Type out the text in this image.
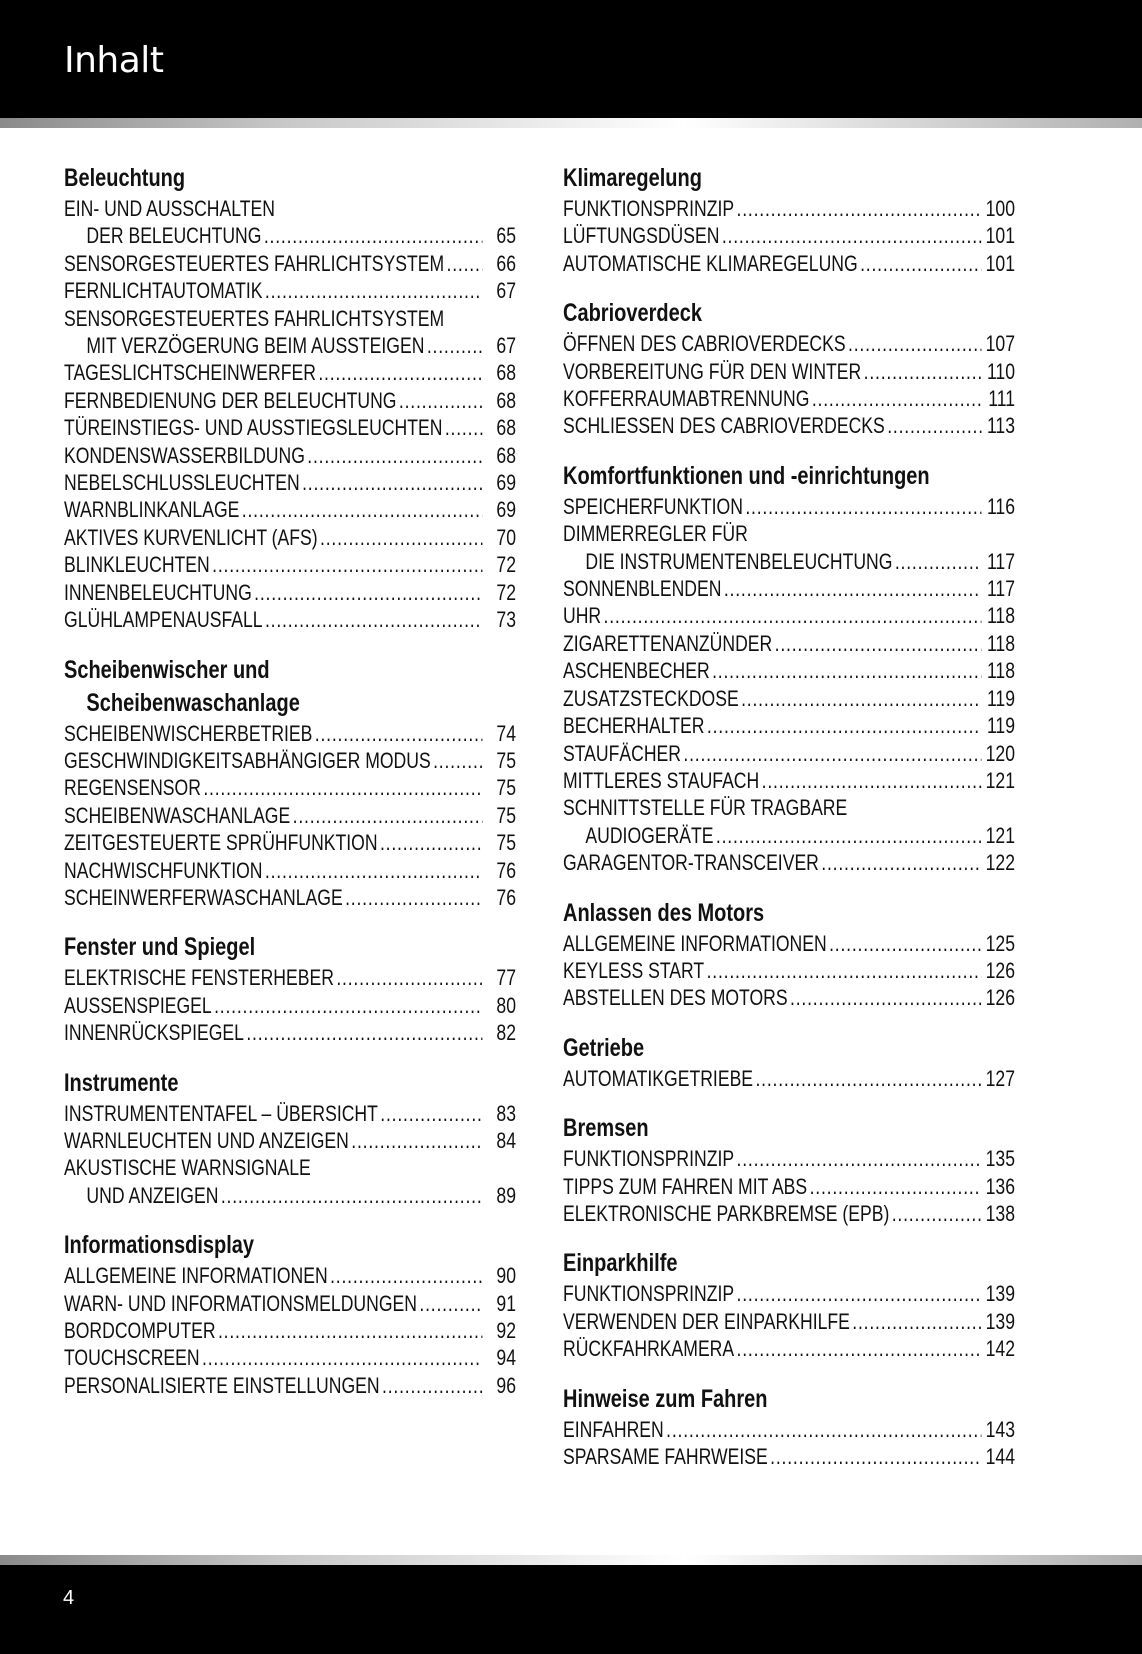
Inhalt
Beleuchtung
EIN- UND AUSSCHALTEN
DER BELEUCHTUNG .....	65
SENSORGESTEUERTES FAHRLICHTSYSTEM .....	66
FERNLICHTAUTOMATIK .....	67
SENSORGESTEUERTES FAHRLICHTSYSTEM
MIT VERZÖGERUNG BEIM AUSSTEIGEN .....	67
TAGESLICHTSCHEINWERFER .....	68
FERNBEDIENUNG DER BELEUCHTUNG .....	68
TÜREINSTIEGS- UND AUSSTIEGSLEUCHTEN .....	68
KONDENSWASSERBILDUNG .....	68
NEBELSCHLUSSLEUCHTEN .....	69
WARNBLINKANLAGE .....	69
AKTIVES KURVENLICHT (AFS) .....	70
BLINKLEUCHTEN .....	72
INNENBELEUCHTUNG .....	72
GLÜHLAMPENAUSFALL .....	73
Scheibenwischer und
Scheibenwaschanlage
SCHEIBENWISCHERBETRIEB .....	74
GESCHWINDIGKEITSABHÄNGIGER MODUS .....	75
REGENSENSOR .....	75
SCHEIBENWASCHANLAGE .....	75
ZEITGESTEUERTE SPRÜHFUNKTION .....	75
NACHWISCHFUNKTION .....	76
SCHEINWERFERWASCHANLAGE .....	76
Fenster und Spiegel
ELEKTRISCHE FENSTERHEBER .....	77
AUSSENSPIEGEL .....	80
INNENRÜCKSPIEGEL .....	82
Instrumente
INSTRUMENTENTAFEL – ÜBERSICHT .....	83
WARNLEUCHTEN UND ANZEIGEN .....	84
AKUSTISCHE WARNSIGNALE
UND ANZEIGEN .....	89
Informationsdisplay
ALLGEMEINE INFORMATIONEN .....	90
WARN- UND INFORMATIONSMELDUNGEN .....	91
BORDCOMPUTER .....	92
TOUCHSCREEN .....	94
PERSONALISIERTE EINSTELLUNGEN .....	96
Klimaregelung
FUNKTIONSPRINZIP .....	100
LÜFTUNGSDÜSEN .....	101
AUTOMATISCHE KLIMAREGELUNG .....	101
Cabrioverdeck
ÖFFNEN DES CABRIOVERDECKS .....	107
VORBEREITUNG FÜR DEN WINTER .....	110
KOFFERRAUMABTRENNUNG .....	111
SCHLIESSEN DES CABRIOVERDECKS .....	113
Komfortfunktionen und -einrichtungen
SPEICHERFUNKTION .....	116
DIMMERREGLER FÜR
DIE INSTRUMENTENBELEUCHTUNG .....	117
SONNENBLENDEN .....	117
UHR .....	118
ZIGARETTENANZÜNDER .....	118
ASCHENBECHER .....	118
ZUSATZSTECKDOSE .....	119
BECHERHALTER .....	119
STAUFÄCHER .....	120
MITTLERES STAUFACH .....	121
SCHNITTSTELLE FÜR TRAGBARE
AUDIOGERÄTE .....	121
GARAGENTOR-TRANSCEIVER .....	122
Anlassen des Motors
ALLGEMEINE INFORMATIONEN .....	125
KEYLESS START .....	126
ABSTELLEN DES MOTORS .....	126
Getriebe
AUTOMATIKGETRIEBE .....	127
Bremsen
FUNKTIONSPRINZIP .....	135
TIPPS ZUM FAHREN MIT ABS .....	136
ELEKTRONISCHE PARKBREMSE (EPB) .....	138
Einparkhilfe
FUNKTIONSPRINZIP .....	139
VERWENDEN DER EINPARKHILFE .....	139
RÜCKFAHRKAMERA .....	142
Hinweise zum Fahren
EINFAHREN .....	143
SPARSAME FAHRWEISE .....	144
4
